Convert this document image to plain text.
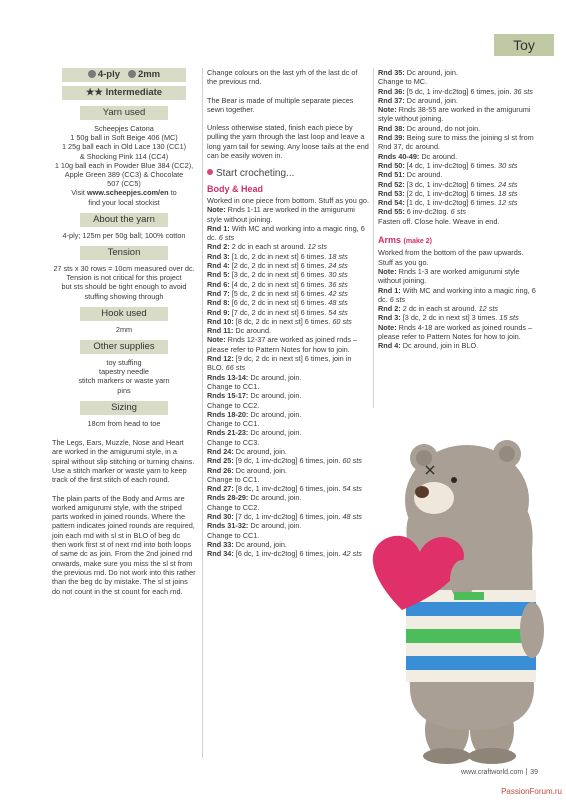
Toy
4-ply 2mm
★★ Intermediate
Yarn used
Scheepjes Catona
1 50g ball in Soft Beige 406 (MC)
1 25g ball each in Old Lace 130 (CC1)
& Shocking Pink 114 (CC4)
1 10g ball each in Powder Blue 384 (CC2),
Apple Green 389 (CC3) & Chocolate
507 (CC5)
Visit www.scheepjes.com/en to
find your local stockist
About the yarn
4-ply; 125m per 50g ball; 100% cotton
Tension
27 sts x 30 rows = 10cm measured over dc.
Tension is not critical for this project
but sts should be tight enough to avoid
stuffing showing through
Hook used
2mm
Other supplies
toy stuffing
tapestry needle
stitch markers or waste yarn
pins
Sizing
18cm from head to toe

The Legs, Ears, Muzzle, Nose and Heart are worked in the amigurumi style, in a spiral without slip stitching or turning chains. Use a stitch marker or waste yarn to keep track of the first stitch of each round.

The plain parts of the Body and Arms are worked amigurumi style, with the striped parts worked in joined rounds. Where the pattern indicates joined rounds are required, join each rnd with sl st in BLO of beg dc then work first st of next rnd into both loops of same dc as join. From the 2nd joined rnd onwards, make sure you miss the sl st from the previous rnd. Do not work into this rather than the beg dc by mistake. The sl st joins do not count in the st count for each rnd.

Change colours on the last yrh of the last dc of the previous rnd.

The Bear is made of multiple separate pieces sewn together.

Unless otherwise stated, finish each piece by pulling the yarn through the last loop and leave a long yarn tail for sewing. Any loose tails at the end can be easily woven in.

Start crocheting...
Body & Head
Worked in one piece from bottom. Stuff as you go.
Note: Rnds 1-11 are worked in the amigurumi style without joining.
Rnd 1: With MC and working into a magic ring, 6 dc. 6 sts
Rnd 2: 2 dc in each st around. 12 sts
Rnd 3: [1 dc, 2 dc in next st] 6 times. 18 sts
Rnd 4: [2 dc, 2 dc in next st] 6 times. 24 sts
Rnd 5: [3 dc, 2 dc in next st] 6 times. 30 sts
Rnd 6: [4 dc, 2 dc in next st] 6 times. 36 sts
Rnd 7: [5 dc, 2 dc in next st] 6 times. 42 sts
Rnd 8: [6 dc, 2 dc in next st] 6 times. 48 sts
Rnd 9: [7 dc, 2 dc in next st] 6 times. 54 sts
Rnd 10: [8 dc, 2 dc in next st] 6 times. 60 sts
Rnd 11: Dc around.
Note: Rnds 12-37 are worked as joined rnds – please refer to Pattern Notes for how to join.
Rnd 12: [9 dc, 2 dc in next st] 6 times, join in BLO. 66 sts
Rnds 13-14: Dc around, join.
Change to CC1.
Rnds 15-17: Dc around, join.
Change to CC2.
Rnds 18-20: Dc around, join.
Change to CC1.
Rnds 21-23: Dc around, join.
Change to CC3.
Rnd 24: Dc around, join.
Rnd 25: [9 dc, 1 inv-dc2tog] 6 times, join. 60 sts
Rnd 26: Dc around, join.
Change to CC1.
Rnd 27: [8 dc, 1 inv-dc2tog] 6 times, join. 54 sts
Rnds 28-29: Dc around, join.
Change to CC2.
Rnd 30: [7 dc, 1 inv-dc2tog] 6 times, join. 48 sts
Rnds 31-32: Dc around, join.
Change to CC1.
Rnd 33: Dc around, join.
Rnd 34: [6 dc, 1 inv-dc2tog] 6 times, join. 42 sts
Rnd 35: Dc around, join.
Change to MC.
Rnd 36: [5 dc, 1 inv-dc2tog] 6 times, join. 36 sts
Rnd 37: Dc around, join.
Note: Rnds 38-55 are worked in the amigurumi style without joining.
Rnd 38: Dc around, do not join.
Rnd 39: Being sure to miss the joining sl st from Rnd 37, dc around.
Rnds 40-49: Dc around.
Rnd 50: [4 dc, 1 inv-dc2tog] 6 times. 30 sts
Rnd 51: Dc around.
Rnd 52: [3 dc, 1 inv-dc2tog] 6 times. 24 sts
Rnd 53: [2 dc, 1 inv-dc2tog] 6 times. 18 sts
Rnd 54: [1 dc, 1 inv-dc2tog] 6 times. 12 sts
Rnd 55: 6 inv-dc2tog. 6 sts
Fasten off. Close hole. Weave in end.
Arms (make 2)
Worked from the bottom of the paw upwards. Stuff as you go.
Note: Rnds 1-3 are worked amigurumi style without joining.
Rnd 1: With MC and working into a magic ring, 6 dc. 6 sts
Rnd 2: 2 dc in each st around. 12 sts
Rnd 3: [3 dc, 2 dc in next st] 3 times. 15 sts
Note: Rnds 4-18 are worked as joined rounds – please refer to Pattern Notes for how to join.
Rnd 4: Dc around, join in BLO.
www.craftworld.com 39
PassionForum.ru
